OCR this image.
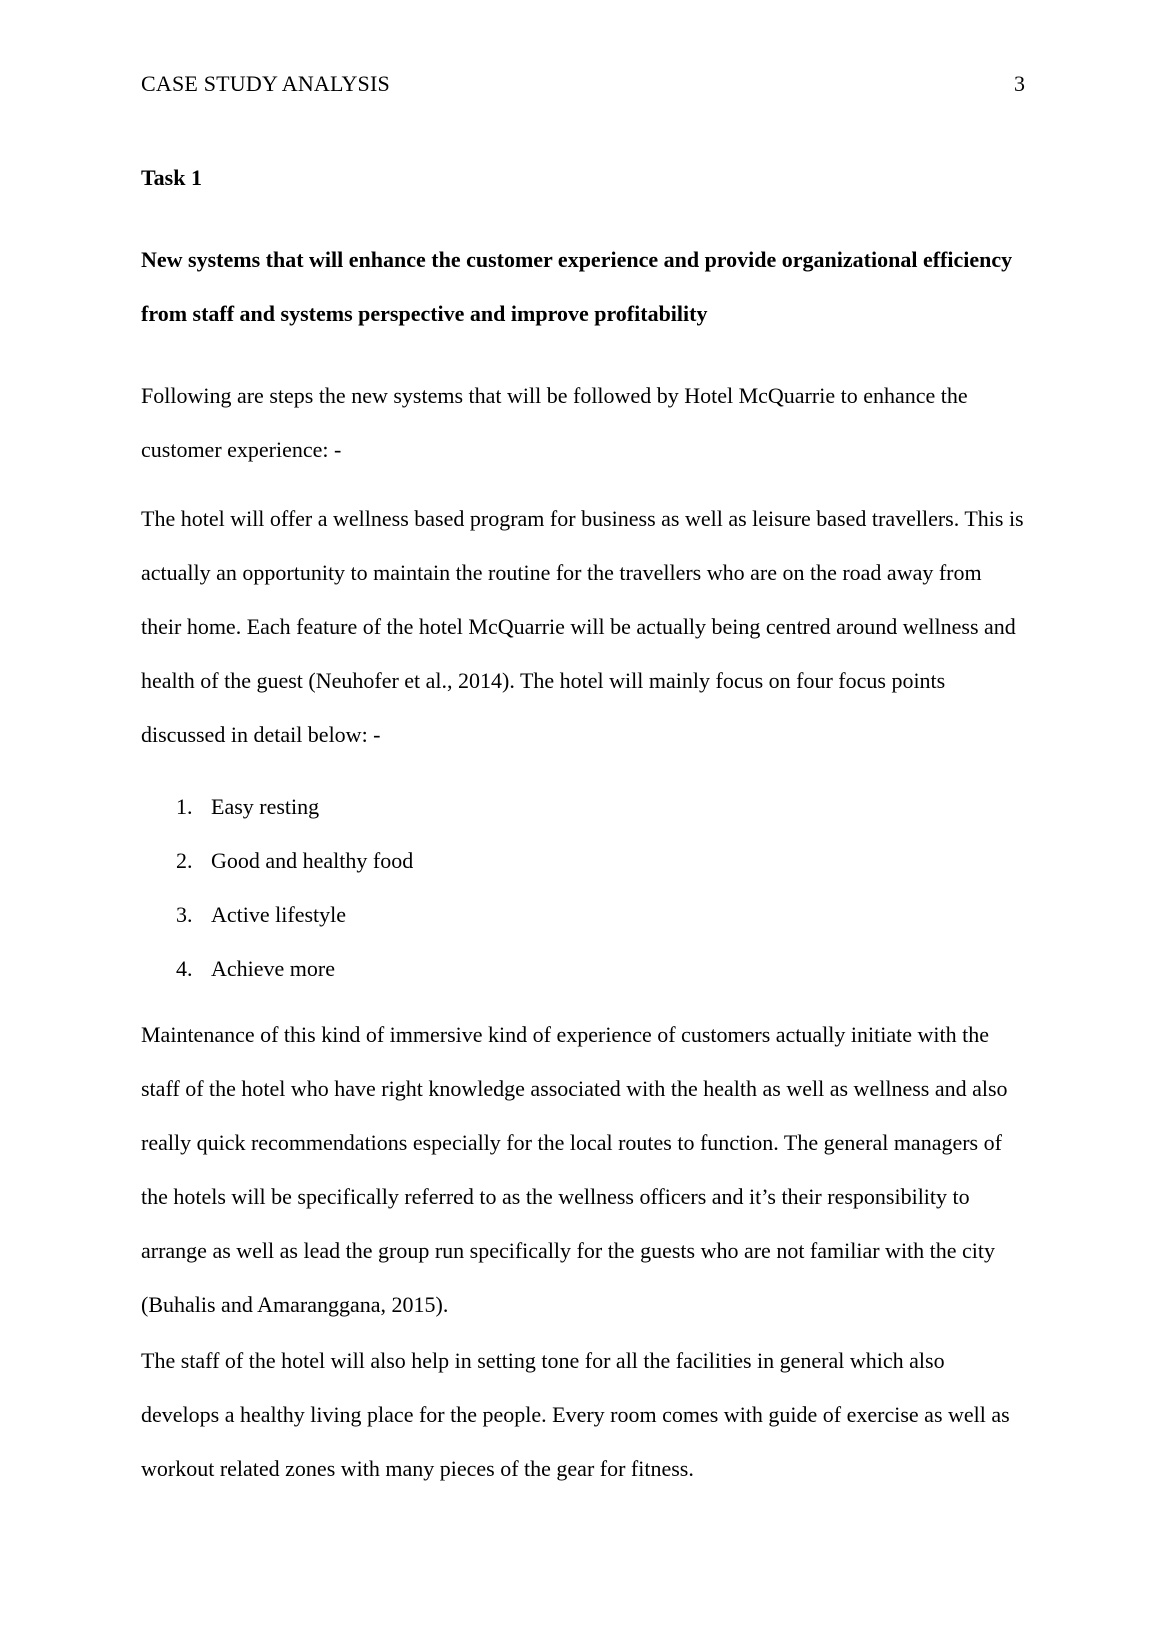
CASE STUDY ANALYSIS	3
Task 1
New systems that will enhance the customer experience and provide organizational efficiency from staff and systems perspective and improve profitability

Following are steps the new systems that will be followed by Hotel McQuarrie to enhance the customer experience: -

The hotel will offer a wellness based program for business as well as leisure based travellers. This is actually an opportunity to maintain the routine for the travellers who are on the road away from their home. Each feature of the hotel McQuarrie will be actually being centred around wellness and health of the guest (Neuhofer et al., 2014). The hotel will mainly focus on four focus points discussed in detail below: -

1. Easy resting
2. Good and healthy food
3. Active lifestyle
4. Achieve more

Maintenance of this kind of immersive kind of experience of customers actually initiate with the staff of the hotel who have right knowledge associated with the health as well as wellness and also really quick recommendations especially for the local routes to function. The general managers of the hotels will be specifically referred to as the wellness officers and it’s their responsibility to arrange as well as lead the group run specifically for the guests who are not familiar with the city (Buhalis and Amaranggana, 2015).

The staff of the hotel will also help in setting tone for all the facilities in general which also develops a healthy living place for the people. Every room comes with guide of exercise as well as workout related zones with many pieces of the gear for fitness.
